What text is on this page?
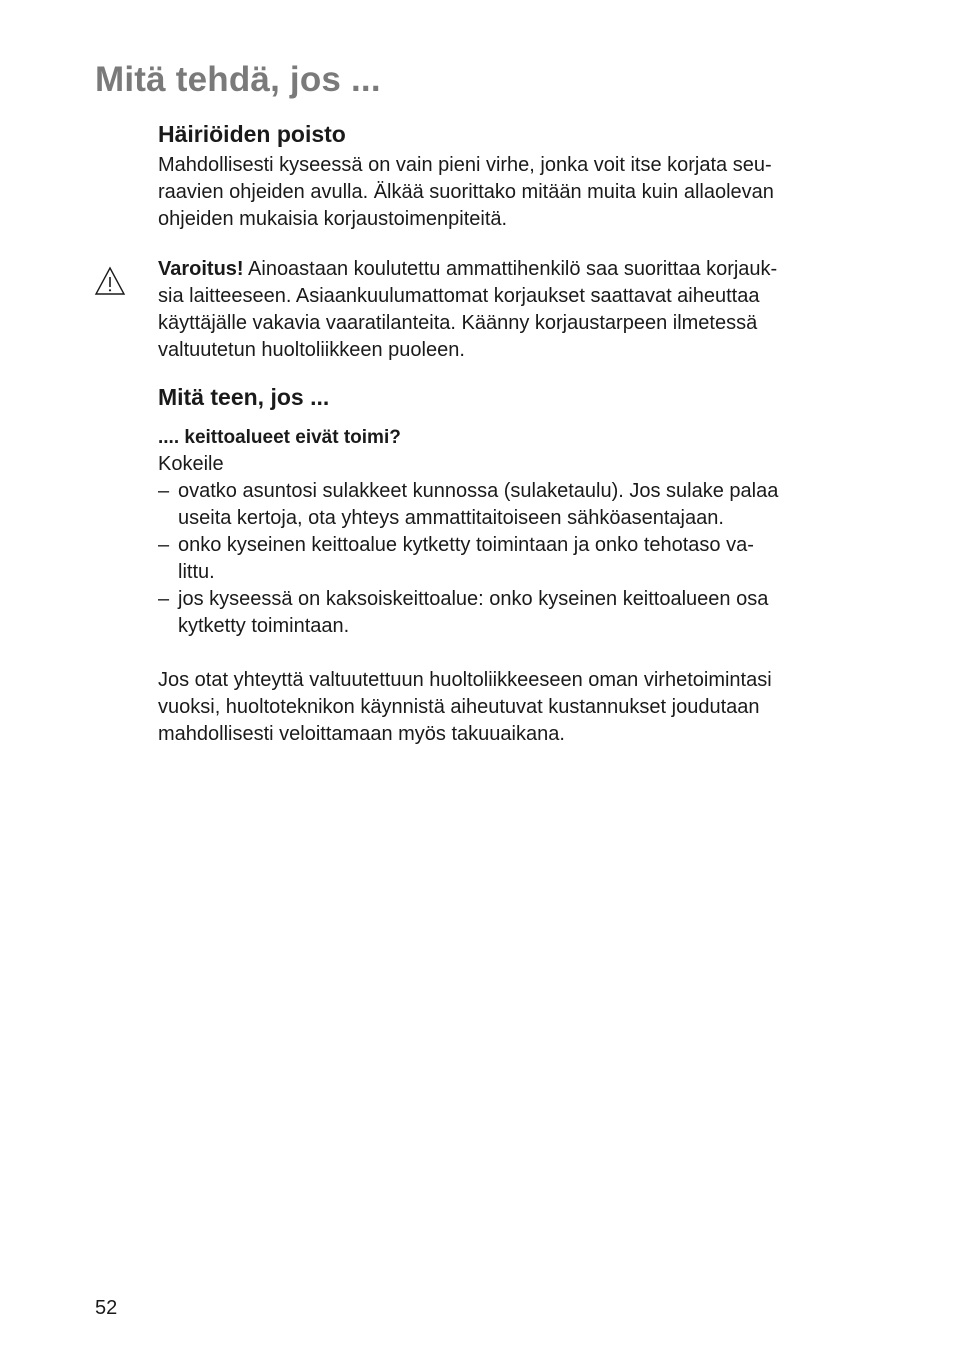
Mitä tehdä, jos ...
Häiriöiden poisto
Mahdollisesti kyseessä on vain pieni virhe, jonka voit itse korjata seu-
raavien ohjeiden avulla. Älkää suorittako mitään muita kuin allaolevan
ohjeiden mukaisia korjaustoimenpiteitä.
Varoitus! Ainoastaan koulutettu ammattihenkilö saa suorittaa korjauk-
sia laitteeseen. Asiaankuulumattomat korjaukset saattavat aiheuttaa
käyttäjälle vakavia vaaratilanteita. Käänny korjaustarpeen ilmetessä
valtuutetun huoltoliikkeen puoleen.
Mitä teen, jos ...
.... keittoalueet eivät toimi?
Kokeile
– ovatko asuntosi sulakkeet kunnossa (sulaketaulu). Jos sulake palaa
useita kertoja, ota yhteys ammattitaitoiseen sähköasentajaan.
– onko kyseinen keittoalue kytketty toimintaan ja onko tehotaso va-
littu.
– jos kyseessä on kaksoiskeittoalue: onko kyseinen keittoalueen osa
kytketty toimintaan.
Jos otat yhteyttä valtuutettuun huoltoliikkeeseen oman virhetoimintasi
vuoksi, huoltoteknikon käynnistä aiheutuvat kustannukset joudutaan
mahdollisesti veloittamaan myös takuuaikana.
52
